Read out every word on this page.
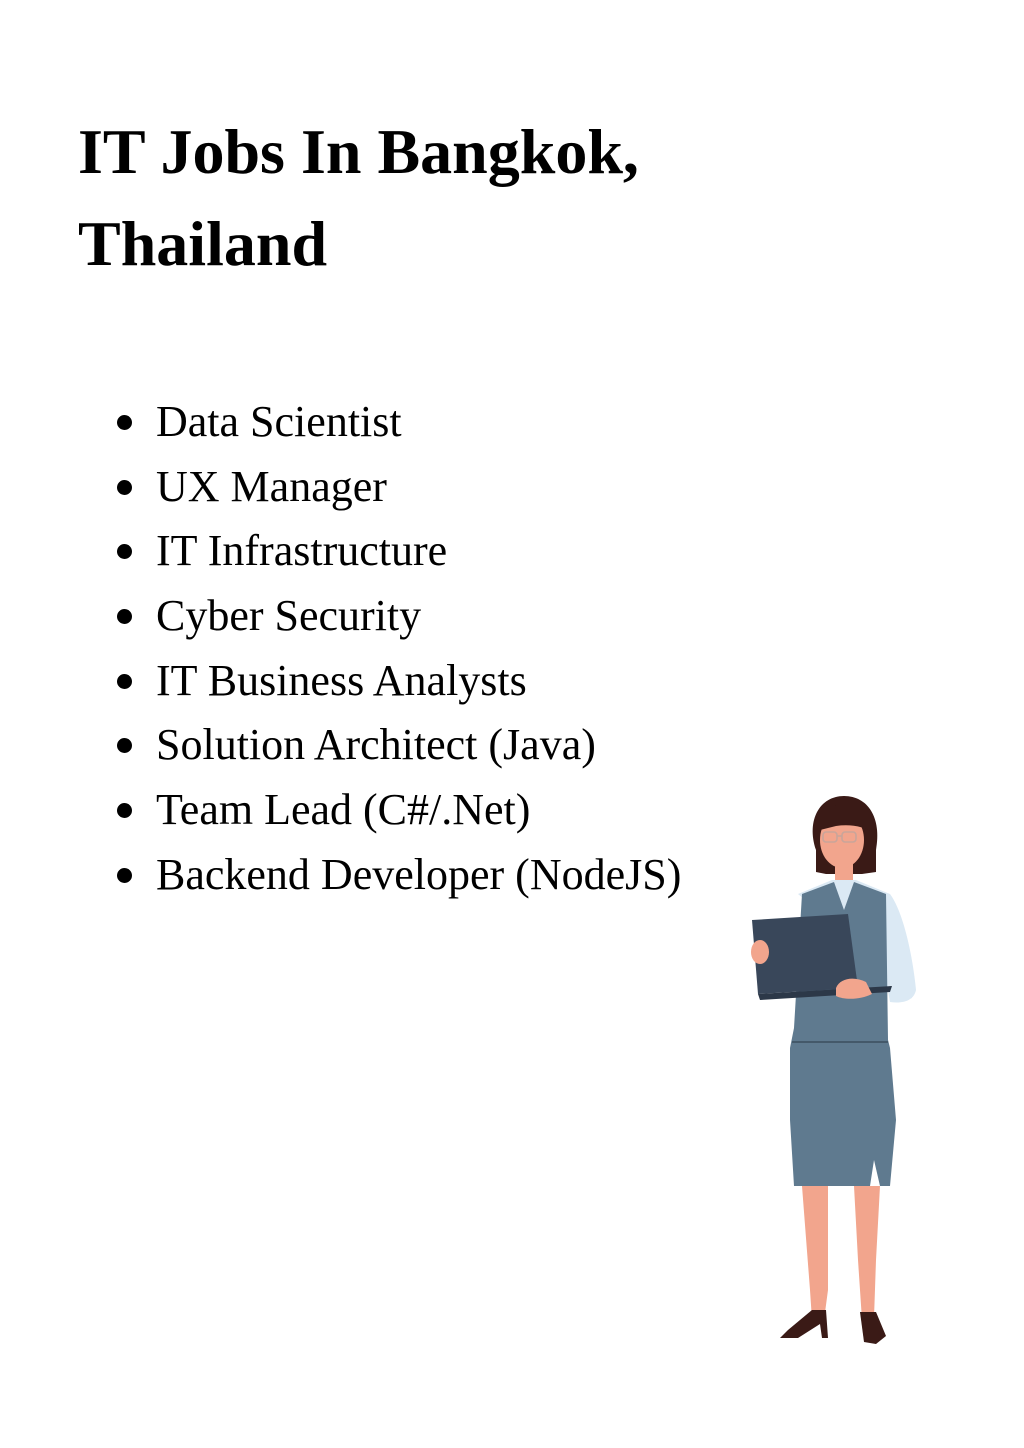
IT Jobs In Bangkok, Thailand
Data Scientist
UX Manager
IT Infrastructure
Cyber Security
IT Business Analysts
Solution Architect (Java)
Team Lead (C#/.Net)
Backend Developer (NodeJS)
